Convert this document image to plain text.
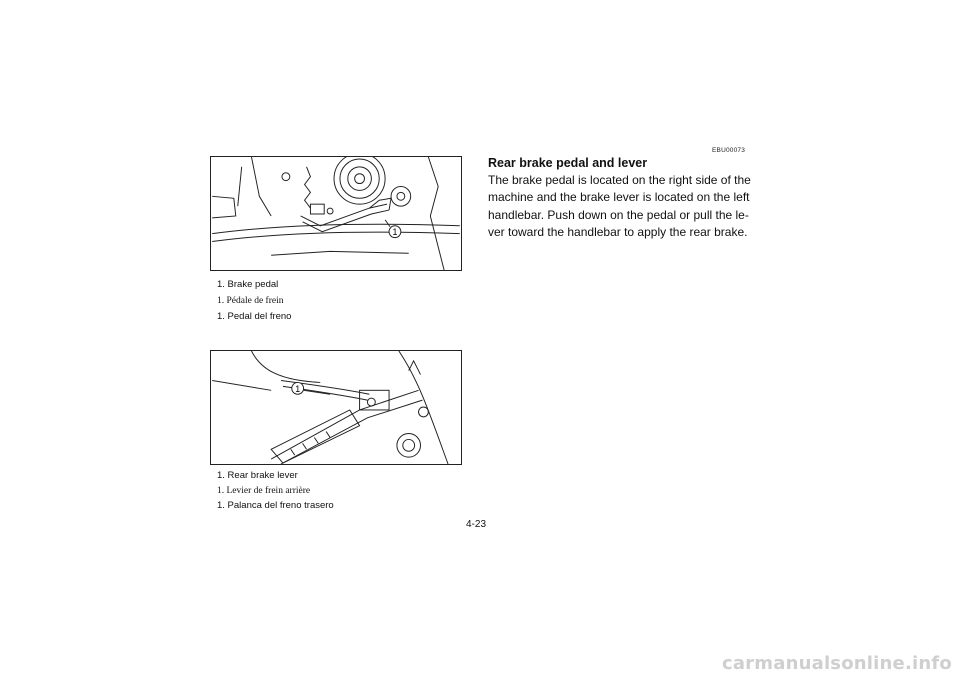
1
1. Brake pedal
1. Pédale de frein
1. Pedal del freno
1
1. Rear brake lever
1. Levier de frein arrière
1. Palanca del freno trasero
EBU00073
Rear brake pedal and lever

The brake pedal is located on the right side of the
machine and the brake lever is located on the left
handlebar. Push down on the pedal or pull the le-
ver toward the handlebar to apply the rear brake.

4-23
carmanualsonline.info
